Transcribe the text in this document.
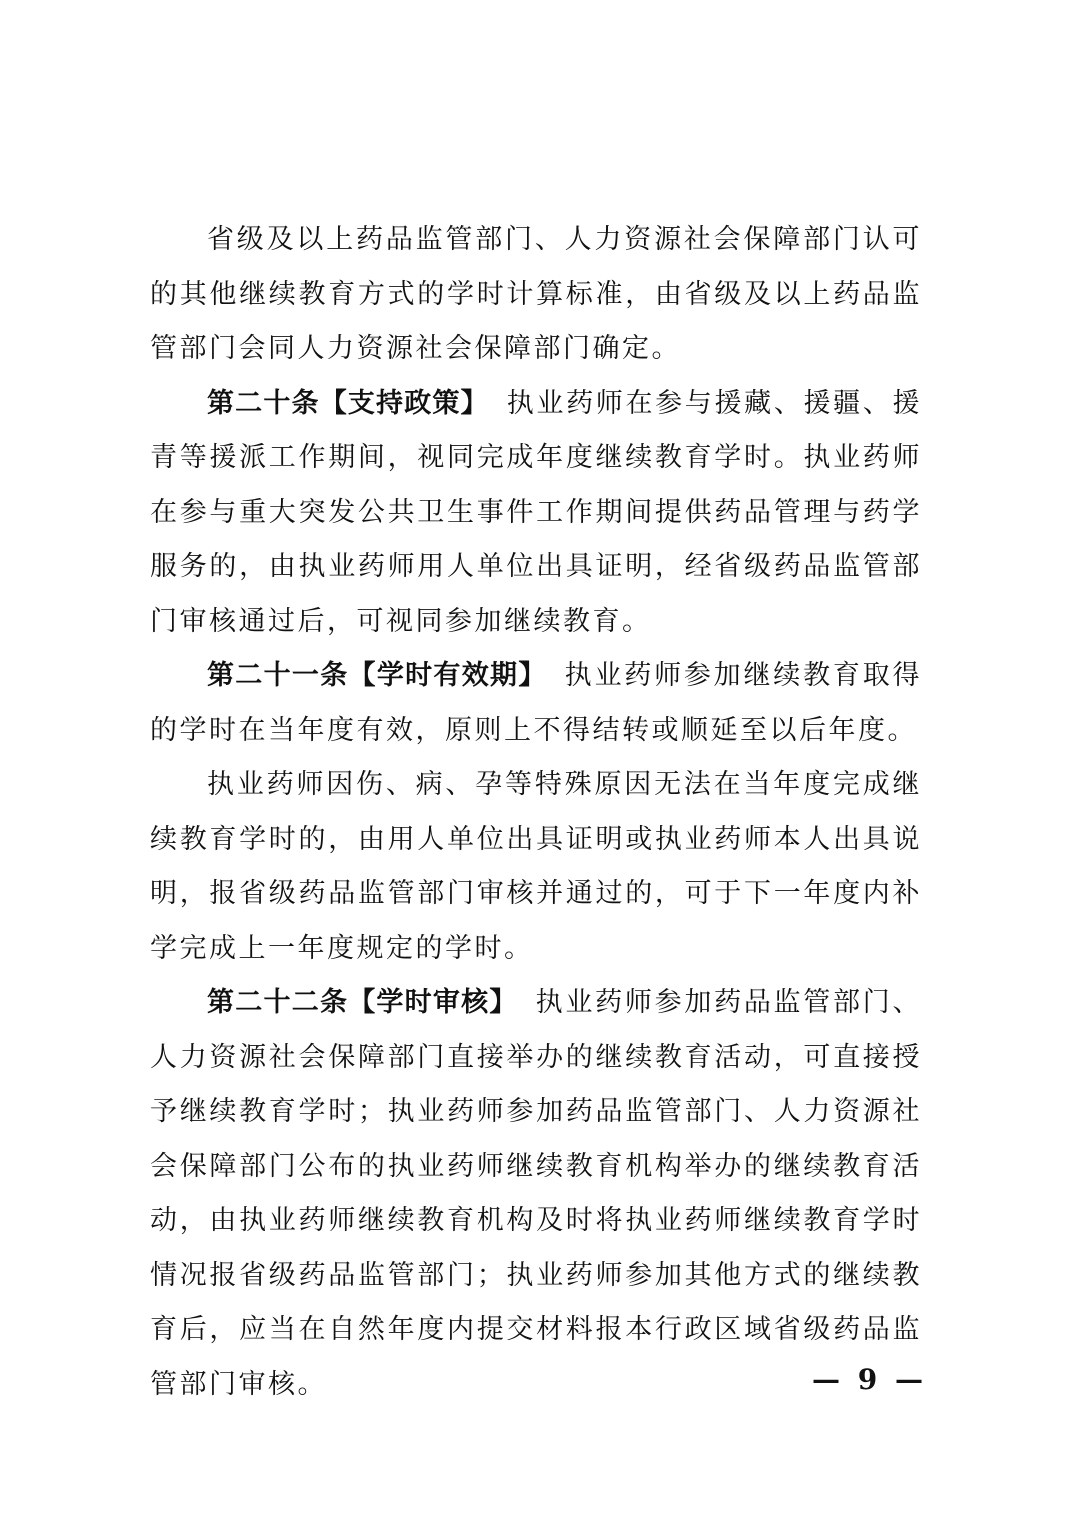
省级及以上药品监管部门、人力资源社会保障部门认可的其他继续教育方式的学时计算标准，由省级及以上药品监管部门会同人力资源社会保障部门确定。

第二十条【支持政策】 执业药师在参与援藏、援疆、援青等援派工作期间，视同完成年度继续教育学时。执业药师在参与重大突发公共卫生事件工作期间提供药品管理与药学服务的，由执业药师用人单位出具证明，经省级药品监管部门审核通过后，可视同参加继续教育。

第二十一条【学时有效期】 执业药师参加继续教育取得的学时在当年度有效，原则上不得结转或顺延至以后年度。

执业药师因伤、病、孕等特殊原因无法在当年度完成继续教育学时的，由用人单位出具证明或执业药师本人出具说明，报省级药品监管部门审核并通过的，可于下一年度内补学完成上一年度规定的学时。

第二十二条【学时审核】 执业药师参加药品监管部门、人力资源社会保障部门直接举办的继续教育活动，可直接授予继续教育学时；执业药师参加药品监管部门、人力资源社会保障部门公布的执业药师继续教育机构举办的继续教育活动，由执业药师继续教育机构及时将执业药师继续教育学时情况报省级药品监管部门；执业药师参加其他方式的继续教育后，应当在自然年度内提交材料报本行政区域省级药品监管部门审核。	— 9 —
